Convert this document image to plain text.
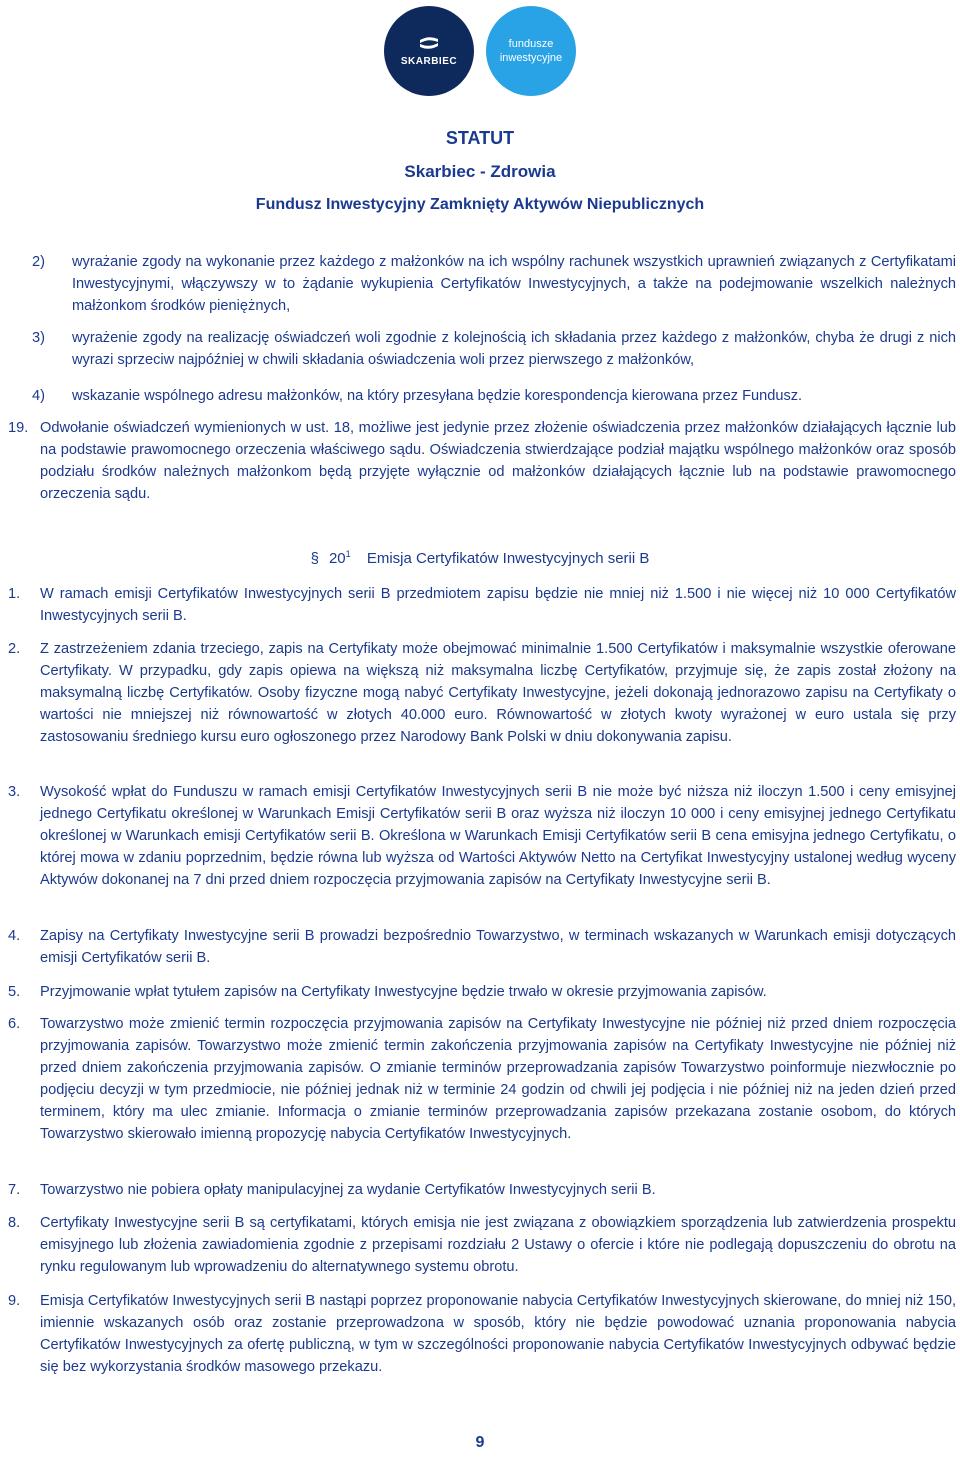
SKARBIEC
fundusze
inwestycyjne
STATUT
Skarbiec - Zdrowia
Fundusz Inwestycyjny Zamknięty Aktywów Niepublicznych
2) wyrażanie zgody na wykonanie przez każdego z małżonków na ich wspólny rachunek wszystkich uprawnień związanych z Certyfikatami Inwestycyjnymi, włączywszy w to żądanie wykupienia Certyfikatów Inwestycyjnych, a także na podejmowanie wszelkich należnych małżonkom środków pieniężnych,
3) wyrażenie zgody na realizację oświadczeń woli zgodnie z kolejnością ich składania przez każdego z małżonków, chyba że drugi z nich wyrazi sprzeciw najpóźniej w chwili składania oświadczenia woli przez pierwszego z małżonków,
4) wskazanie wspólnego adresu małżonków, na który przesyłana będzie korespondencja kierowana przez Fundusz.
19. Odwołanie oświadczeń wymienionych w ust. 18, możliwe jest jedynie przez złożenie oświadczenia przez małżonków działających łącznie lub na podstawie prawomocnego orzeczenia właściwego sądu. Oświadczenia stwierdzające podział majątku wspólnego małżonków oraz sposób podziału środków należnych małżonkom będą przyjęte wyłącznie od małżonków działających łącznie lub na podstawie prawomocnego orzeczenia sądu.
§ $20^1$ Emisja Certyfikatów Inwestycyjnych serii B
1. W ramach emisji Certyfikatów Inwestycyjnych serii B przedmiotem zapisu będzie nie mniej niż 1.500 i nie więcej niż 10 000 Certyfikatów Inwestycyjnych serii B.
2. Z zastrzeżeniem zdania trzeciego, zapis na Certyfikaty może obejmować minimalnie 1.500 Certyfikatów i maksymalnie wszystkie oferowane Certyfikaty. W przypadku, gdy zapis opiewa na większą niż maksymalna liczbę Certyfikatów, przyjmuje się, że zapis został złożony na maksymalną liczbę Certyfikatów. Osoby fizyczne mogą nabyć Certyfikaty Inwestycyjne, jeżeli dokonają jednorazowo zapisu na Certyfikaty o wartości nie mniejszej niż równowartość w złotych 40.000 euro. Równowartość w złotych kwoty wyrażonej w euro ustala się przy zastosowaniu średniego kursu euro ogłoszonego przez Narodowy Bank Polski w dniu dokonywania zapisu.
3. Wysokość wpłat do Funduszu w ramach emisji Certyfikatów Inwestycyjnych serii B nie może być niższa niż iloczyn 1.500 i ceny emisyjnej jednego Certyfikatu określonej w Warunkach Emisji Certyfikatów serii B oraz wyższa niż iloczyn 10 000 i ceny emisyjnej jednego Certyfikatu określonej w Warunkach emisji Certyfikatów serii B. Określona w Warunkach Emisji Certyfikatów serii B cena emisyjna jednego Certyfikatu, o której mowa w zdaniu poprzednim, będzie równa lub wyższa od Wartości Aktywów Netto na Certyfikat Inwestycyjny ustalonej według wyceny Aktywów dokonanej na 7 dni przed dniem rozpoczęcia przyjmowania zapisów na Certyfikaty Inwestycyjne serii B.
4. Zapisy na Certyfikaty Inwestycyjne serii B prowadzi bezpośrednio Towarzystwo, w terminach wskazanych w Warunkach emisji dotyczących emisji Certyfikatów serii B.
5. Przyjmowanie wpłat tytułem zapisów na Certyfikaty Inwestycyjne będzie trwało w okresie przyjmowania zapisów.
6. Towarzystwo może zmienić termin rozpoczęcia przyjmowania zapisów na Certyfikaty Inwestycyjne nie później niż przed dniem rozpoczęcia przyjmowania zapisów. Towarzystwo może zmienić termin zakończenia przyjmowania zapisów na Certyfikaty Inwestycyjne nie później niż przed dniem zakończenia przyjmowania zapisów. O zmianie terminów przeprowadzania zapisów Towarzystwo poinformuje niezwłocznie po podjęciu decyzji w tym przedmiocie, nie później jednak niż w terminie 24 godzin od chwili jej podjęcia i nie później niż na jeden dzień przed terminem, który ma ulec zmianie. Informacja o zmianie terminów przeprowadzania zapisów przekazana zostanie osobom, do których Towarzystwo skierowało imienną propozycję nabycia Certyfikatów Inwestycyjnych.
7. Towarzystwo nie pobiera opłaty manipulacyjnej za wydanie Certyfikatów Inwestycyjnych serii B.
8. Certyfikaty Inwestycyjne serii B są certyfikatami, których emisja nie jest związana z obowiązkiem sporządzenia lub zatwierdzenia prospektu emisyjnego lub złożenia zawiadomienia zgodnie z przepisami rozdziału 2 Ustawy o ofercie i które nie podlegają dopuszczeniu do obrotu na rynku regulowanym lub wprowadzeniu do alternatywnego systemu obrotu.
9. Emisja Certyfikatów Inwestycyjnych serii B nastąpi poprzez proponowanie nabycia Certyfikatów Inwestycyjnych skierowane, do mniej niż 150, imiennie wskazanych osób oraz zostanie przeprowadzona w sposób, który nie będzie powodować uznania proponowania nabycia Certyfikatów Inwestycyjnych za ofertę publiczną, w tym w szczególności proponowanie nabycia Certyfikatów Inwestycyjnych odbywać będzie się bez wykorzystania środków masowego przekazu.
9
